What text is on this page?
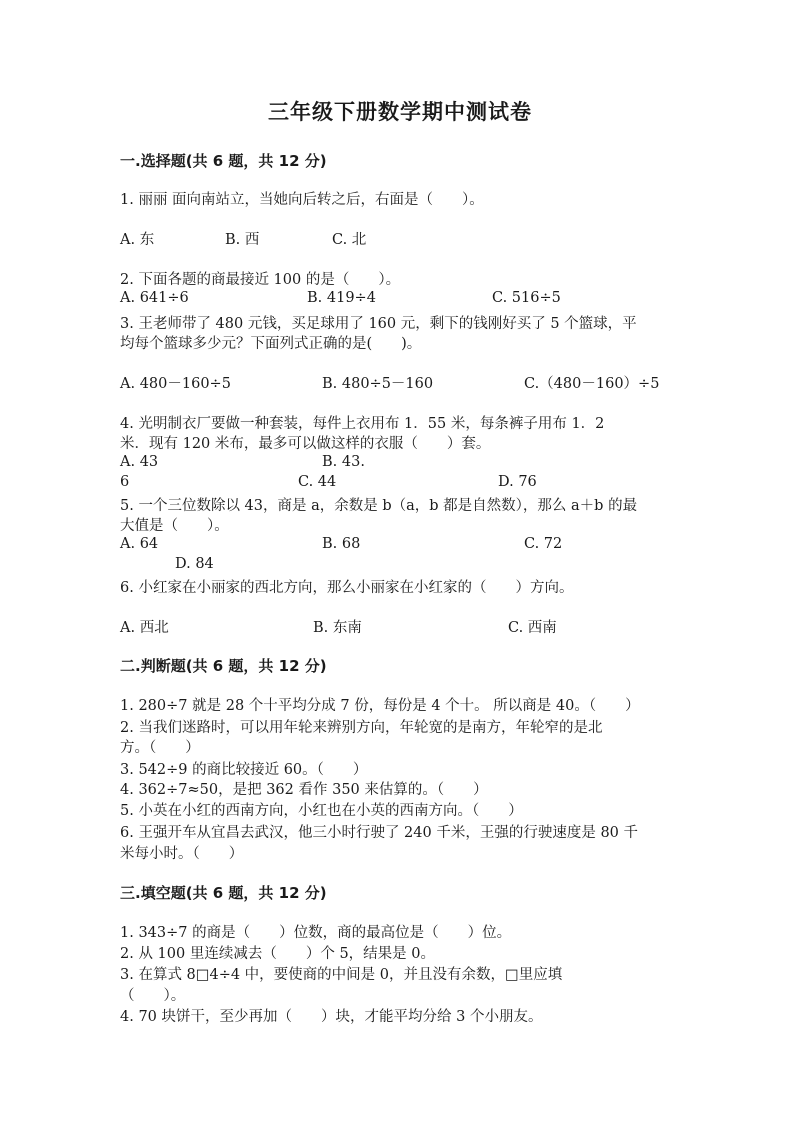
三年级下册数学期中测试卷
一.选择题(共 6 题，共 12 分)
1. 丽丽 面向南站立，当她向后转之后，右面是（　　）。
A. 东	B. 西	C. 北
2. 下面各题的商最接近 100 的是（　　）。
A. 641÷6	B. 419÷4	C. 516÷5
3. 王老师带了 480 元钱，买足球用了 160 元，剩下的钱刚好买了 5 个篮球，平
均每个篮球多少元？下面列式正确的是(　　)。
A. 480－160÷5	B. 480÷5－160	C.（480－160）÷5
4. 光明制衣厂要做一种套装，每件上衣用布 1．55 米，每条裤子用布 1．2
米．现有 120 米布，最多可以做这样的衣服（　　）套。
A. 43	B. 43.
6	C. 44	D. 76
5. 一个三位数除以 43，商是 a，余数是 b（a，b 都是自然数），那么 a＋b 的最
大值是（　　）。
A. 64	B. 68	C. 72
D. 84
6. 小红家在小丽家的西北方向，那么小丽家在小红家的（　　）方向。
A. 西北	B. 东南	C. 西南
二.判断题(共 6 题，共 12 分)
1. 280÷7 就是 28 个十平均分成 7 份，每份是 4 个十。 所以商是 40。（　　）
2. 当我们迷路时，可以用年轮来辨别方向，年轮宽的是南方，年轮窄的是北
方。（　　）
3. 542÷9 的商比较接近 60。（　　）
4. 362÷7≈50，是把 362 看作 350 来估算的。（　　）
5. 小英在小红的西南方向，小红也在小英的西南方向。（　　）
6. 王强开车从宜昌去武汉，他三小时行驶了 240 千米，王强的行驶速度是 80 千
米每小时。（　　）
三.填空题(共 6 题，共 12 分)
1. 343÷7 的商是（　　）位数，商的最高位是（　　）位。
2. 从 100 里连续减去（　　）个 5，结果是 0。
3. 在算式 8□4÷4 中，要使商的中间是 0，并且没有余数，□里应填
（　　）。
4. 70 块饼干，至少再加（　　）块，才能平均分给 3 个小朋友。
